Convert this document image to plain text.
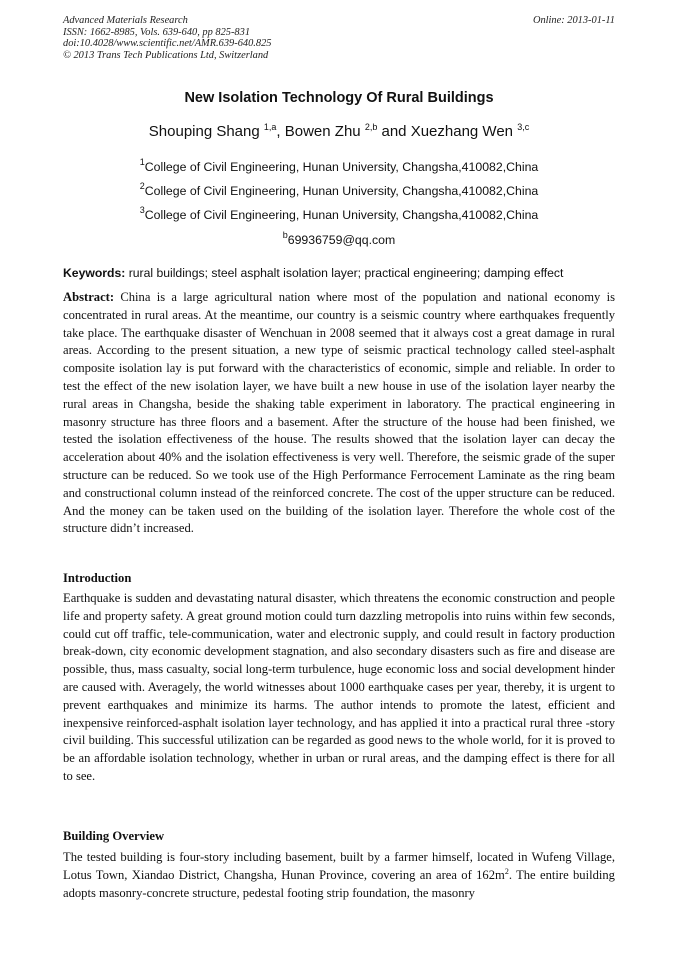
Advanced Materials Research
ISSN: 1662-8985, Vols. 639-640, pp 825-831
doi:10.4028/www.scientific.net/AMR.639-640.825
© 2013 Trans Tech Publications Ltd, Switzerland
Online: 2013-01-11
New Isolation Technology Of Rural Buildings
Shouping Shang $^{1,a}$, Bowen Zhu $^{2,b}$ and Xuezhang Wen $^{3,c}$
$^1$College of Civil Engineering, Hunan University, Changsha,410082,China
$^2$College of Civil Engineering, Hunan University, Changsha,410082,China
$^3$College of Civil Engineering, Hunan University, Changsha,410082,China
$^b$69936759@qq.com
Keywords: rural buildings; steel asphalt isolation layer; practical engineering; damping effect

Abstract: China is a large agricultural nation where most of the population and national economy is concentrated in rural areas. At the meantime, our country is a seismic country where earthquakes frequently take place. The earthquake disaster of Wenchuan in 2008 seemed that it always cost a great damage in rural areas. According to the present situation, a new type of seismic practical technology called steel-asphalt composite isolation lay is put forward with the characteristics of economic, simple and reliable. In order to test the effect of the new isolation layer, we have built a new house in use of the isolation layer nearby the rural areas in Changsha, beside the shaking table experiment in laboratory. The practical engineering in masonry structure has three floors and a basement. After the structure of the house had been finished, we tested the isolation effectiveness of the house. The results showed that the isolation layer can decay the acceleration about 40% and the isolation effectiveness is very well. Therefore, the seismic grade of the super structure can be reduced. So we took use of the High Performance Ferrocement Laminate as the ring beam and constructional column instead of the reinforced concrete. The cost of the upper structure can be reduced. And the money can be taken used on the building of the isolation layer. Therefore the whole cost of the structure didn’t increased.

Introduction

Earthquake is sudden and devastating natural disaster, which threatens the economic construction and people life and property safety. A great ground motion could turn dazzling metropolis into ruins within few seconds, could cut off traffic, tele-communication, water and electronic supply, and could result in factory production break-down, city economic development stagnation, and also secondary disasters such as fire and disease are possible, thus, mass casualty, social long-term turbulence, huge economic loss and social development hinder are caused with. Averagely, the world witnesses about 1000 earthquake cases per year, thereby, it is urgent to prevent earthquakes and minimize its harms. The author intends to promote the latest, efficient and inexpensive reinforced-asphalt isolation layer technology, and has applied it into a practical rural three -story civil building. This successful utilization can be regarded as good news to the whole world, for it is proved to be an affordable isolation technology, whether in urban or rural areas, and the damping effect is there for all to see.

Building Overview

The tested building is four-story including basement, built by a farmer himself, located in Wufeng Village, Lotus Town, Xiandao District, Changsha, Hunan Province, covering an area of $162m^2$. The entire building adopts masonry-concrete structure, pedestal footing strip foundation, the masonry
